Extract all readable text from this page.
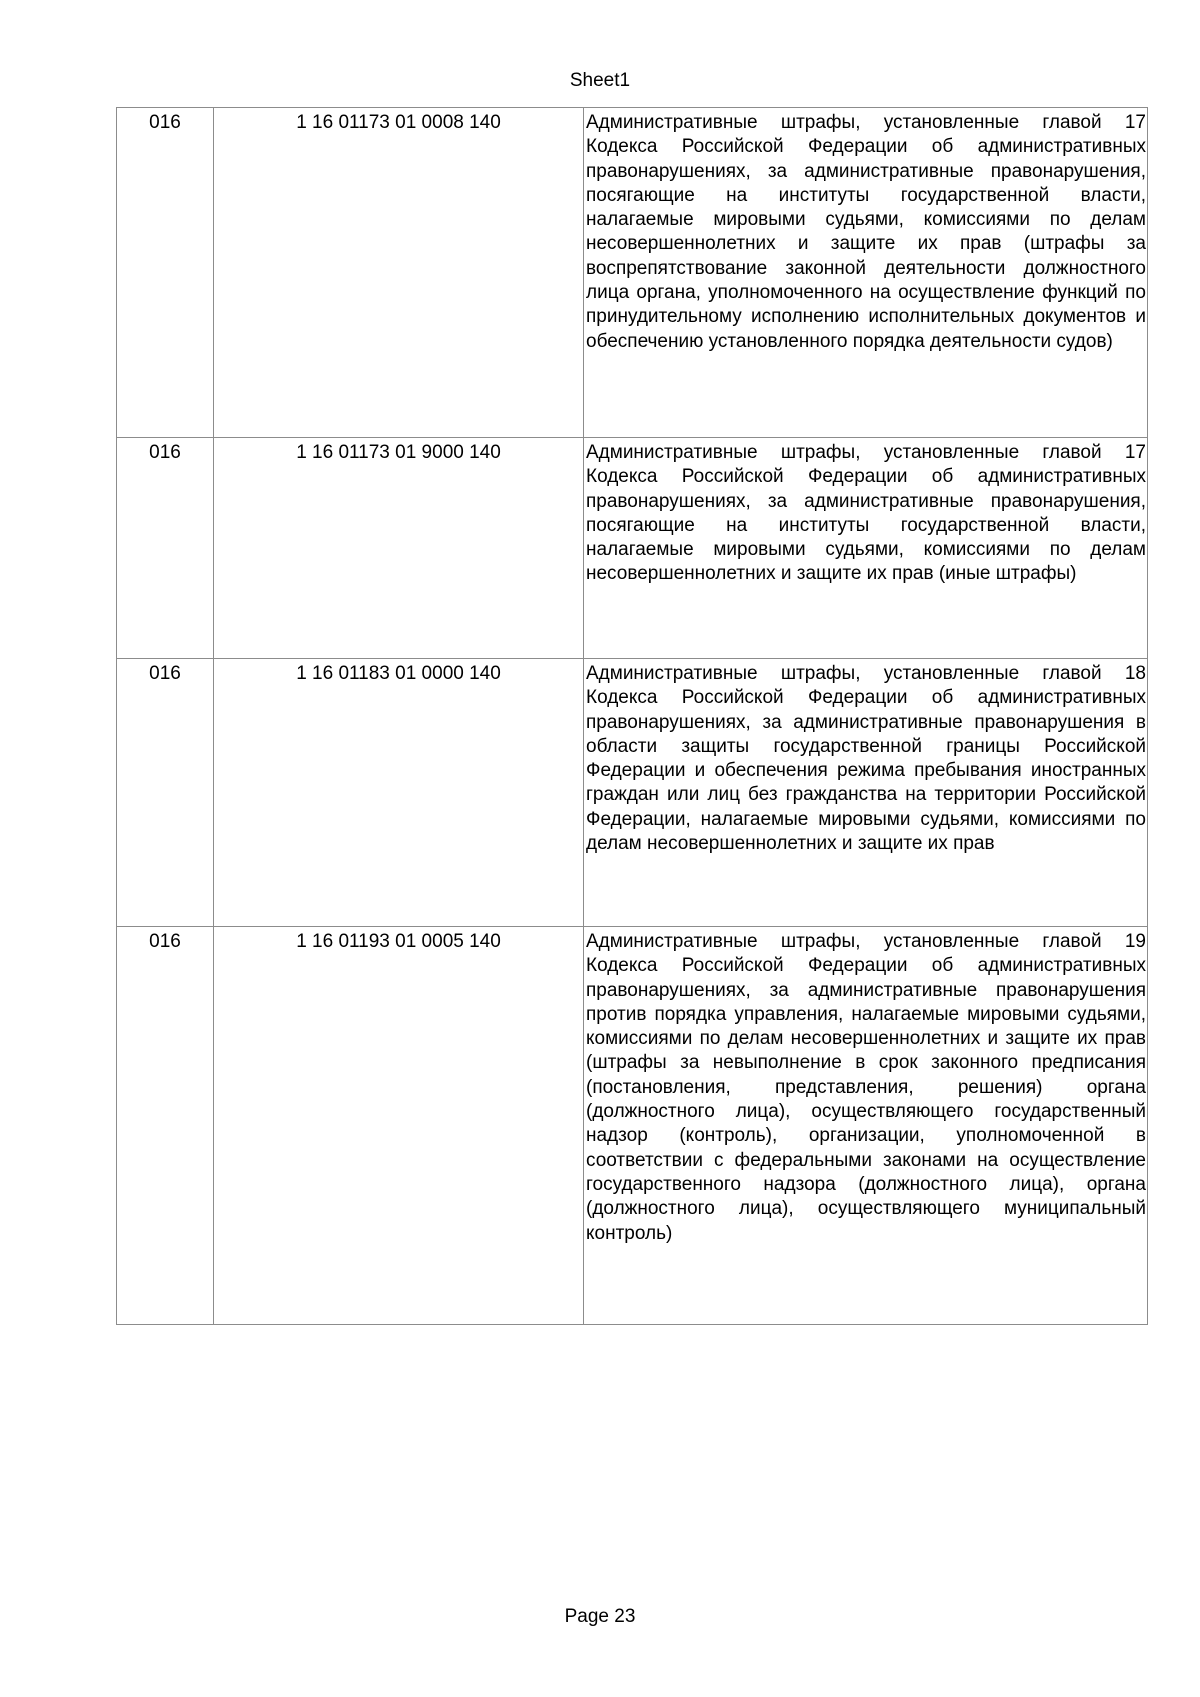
Sheet1
016	1 16 01173 01 0008 140	Административные штрафы, установленные главой 17 Кодекса Российской Федерации об административных правонарушениях, за административные правонарушения, посягающие на институты государственной власти, налагаемые мировыми судьями, комиссиями по делам несовершеннолетних и защите их прав (штрафы за воспрепятствование законной деятельности должностного лица органа, уполномоченного на осуществление функций по принудительному исполнению исполнительных документов и обеспечению установленного порядка деятельности судов)

016	1 16 01173 01 9000 140	Административные штрафы, установленные главой 17 Кодекса Российской Федерации об административных правонарушениях, за административные правонарушения, посягающие на институты государственной власти, налагаемые мировыми судьями, комиссиями по делам несовершеннолетних и защите их прав (иные штрафы)

016	1 16 01183 01 0000 140	Административные штрафы, установленные главой 18 Кодекса Российской Федерации об административных правонарушениях, за административные правонарушения в области защиты государственной границы Российской Федерации и обеспечения режима пребывания иностранных граждан или лиц без гражданства на территории Российской Федерации, налагаемые мировыми судьями, комиссиями по делам несовершеннолетних и защите их прав

016	1 16 01193 01 0005 140	Административные штрафы, установленные главой 19 Кодекса Российской Федерации об административных правонарушениях, за административные правонарушения против порядка управления, налагаемые мировыми судьями, комиссиями по делам несовершеннолетних и защите их прав (штрафы за невыполнение в срок законного предписания (постановления, представления, решения) органа (должностного лица), осуществляющего государственный надзор (контроль), организации, уполномоченной в соответствии с федеральными законами на осуществление государственного надзора (должностного лица), органа (должностного лица), осуществляющего муниципальный контроль)
Page 23
